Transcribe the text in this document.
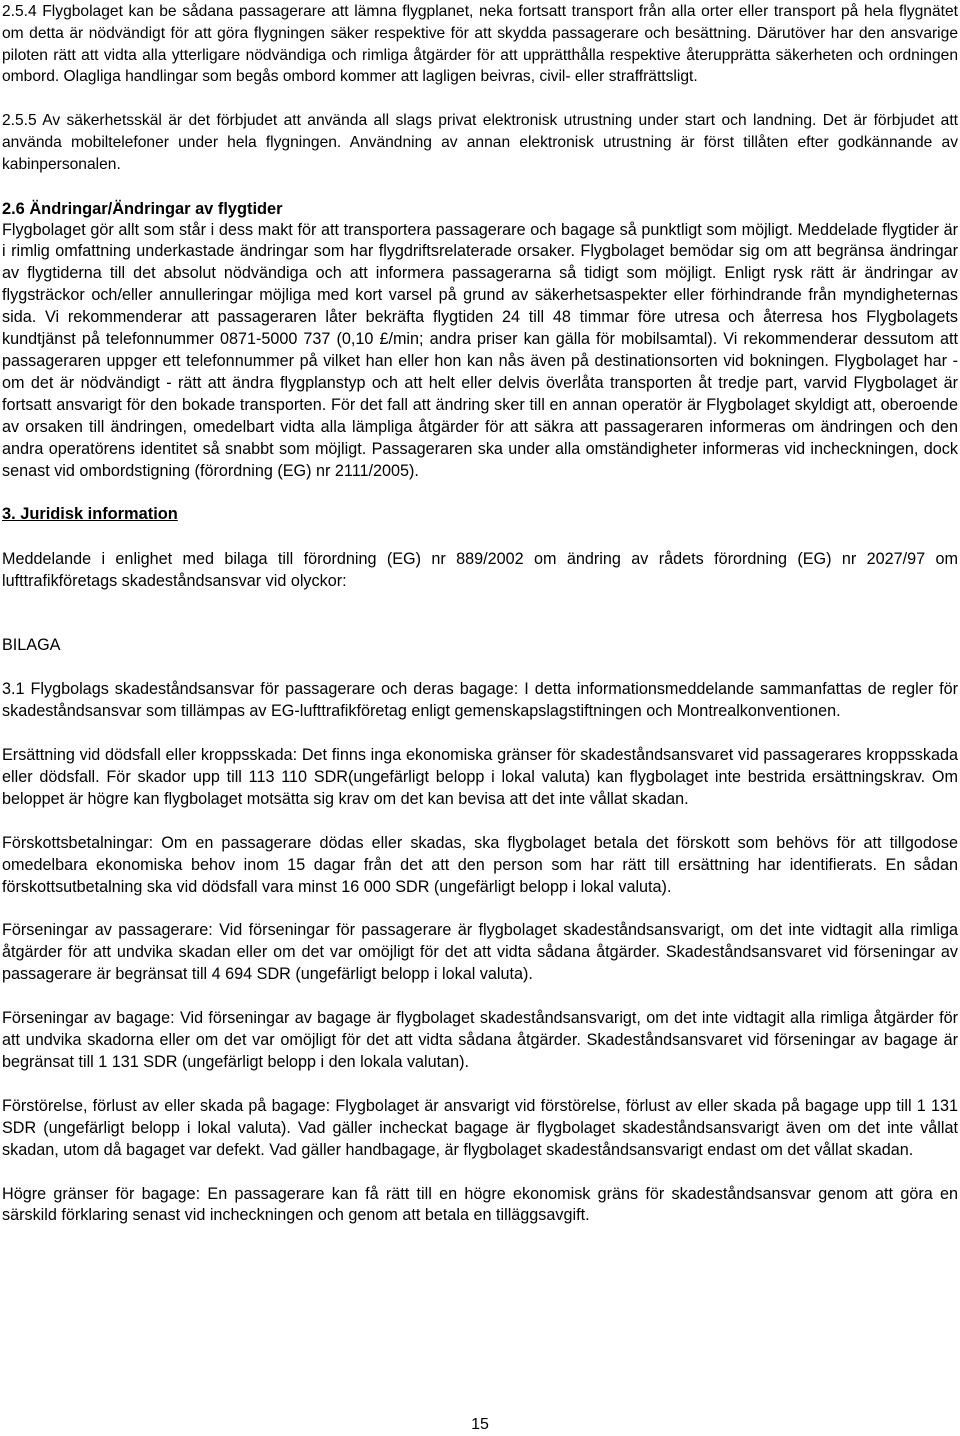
2.5.4 Flygbolaget kan be sådana passagerare att lämna flygplanet, neka fortsatt transport från alla orter eller transport på hela flygnätet om detta är nödvändigt för att göra flygningen säker respektive för att skydda passagerare och besättning. Därutöver har den ansvarige piloten rätt att vidta alla ytterligare nödvändiga och rimliga åtgärder för att upprätthålla respektive återupprätta säkerheten och ordningen ombord. Olagliga handlingar som begås ombord kommer att lagligen beivras, civil- eller straffrättsligt.

2.5.5 Av säkerhetsskäl är det förbjudet att använda all slags privat elektronisk utrustning under start och landning. Det är förbjudet att använda mobiltelefoner under hela flygningen. Användning av annan elektronisk utrustning är först tillåten efter godkännande av kabinpersonalen.

2.6 Ändringar/Ändringar av flygtider

Flygbolaget gör allt som står i dess makt för att transportera passagerare och bagage så punktligt som möjligt. Meddelade flygtider är i rimlig omfattning underkastade ändringar som har flygdriftsrelaterade orsaker. Flygbolaget bemödar sig om att begränsa ändringar av flygtiderna till det absolut nödvändiga och att informera passagerarna så tidigt som möjligt. Enligt rysk rätt är ändringar av flygsträckor och/eller annulleringar möjliga med kort varsel på grund av säkerhetsaspekter eller förhindrande från myndigheternas sida. Vi rekommenderar att passageraren låter bekräfta flygtiden 24 till 48 timmar före utresa och återresa hos Flygbolagets kundtjänst på telefonnummer 0871-5000 737 (0,10 £/min; andra priser kan gälla för mobilsamtal). Vi rekommenderar dessutom att passageraren uppger ett telefonnummer på vilket han eller hon kan nås även på destinationsorten vid bokningen. Flygbolaget har - om det är nödvändigt - rätt att ändra flygplanstyp och att helt eller delvis överlåta transporten åt tredje part, varvid Flygbolaget är fortsatt ansvarigt för den bokade transporten. För det fall att ändring sker till en annan operatör är Flygbolaget skyldigt att, oberoende av orsaken till ändringen, omedelbart vidta alla lämpliga åtgärder för att säkra att passageraren informeras om ändringen och den andra operatörens identitet så snabbt som möjligt. Passageraren ska under alla omständigheter informeras vid incheckningen, dock senast vid ombordstigning (förordning (EG) nr 2111/2005).

3. Juridisk information

Meddelande i enlighet med bilaga till förordning (EG) nr 889/2002 om ändring av rådets förordning (EG) nr 2027/97 om lufttrafikföretags skadeståndsansvar vid olyckor:

BILAGA

3.1 Flygbolags skadeståndsansvar för passagerare och deras bagage: I detta informationsmeddelande sammanfattas de regler för skadeståndsansvar som tillämpas av EG-lufttrafikföretag enligt gemenskapslagstiftningen och Montrealkonventionen.

Ersättning vid dödsfall eller kroppsskada: Det finns inga ekonomiska gränser för skadeståndsansvaret vid passagerares kroppsskada eller dödsfall. För skador upp till 113 110 SDR(ungefärligt belopp i lokal valuta) kan flygbolaget inte bestrida ersättningskrav. Om beloppet är högre kan flygbolaget motsätta sig krav om det kan bevisa att det inte vållat skadan.

Förskottsbetalningar: Om en passagerare dödas eller skadas, ska flygbolaget betala det förskott som behövs för att tillgodose omedelbara ekonomiska behov inom 15 dagar från det att den person som har rätt till ersättning har identifierats. En sådan förskottsutbetalning ska vid dödsfall vara minst 16 000 SDR (ungefärligt belopp i lokal valuta).

Förseningar av passagerare: Vid förseningar för passagerare är flygbolaget skadeståndsansvarigt, om det inte vidtagit alla rimliga åtgärder för att undvika skadan eller om det var omöjligt för det att vidta sådana åtgärder. Skadeståndsansvaret vid förseningar av passagerare är begränsat till 4 694 SDR (ungefärligt belopp i lokal valuta).

Förseningar av bagage: Vid förseningar av bagage är flygbolaget skadeståndsansvarigt, om det inte vidtagit alla rimliga åtgärder för att undvika skadorna eller om det var omöjligt för det att vidta sådana åtgärder. Skadeståndsansvaret vid förseningar av bagage är begränsat till 1 131 SDR (ungefärligt belopp i den lokala valutan).

Förstörelse, förlust av eller skada på bagage: Flygbolaget är ansvarigt vid förstörelse, förlust av eller skada på bagage upp till 1 131 SDR (ungefärligt belopp i lokal valuta). Vad gäller incheckat bagage är flygbolaget skadeståndsansvarigt även om det inte vållat skadan, utom då bagaget var defekt. Vad gäller handbagage, är flygbolaget skadeståndsansvarigt endast om det vållat skadan.

Högre gränser för bagage: En passagerare kan få rätt till en högre ekonomisk gräns för skadeståndsansvar genom att göra en särskild förklaring senast vid incheckningen och genom att betala en tilläggsavgift.

15
